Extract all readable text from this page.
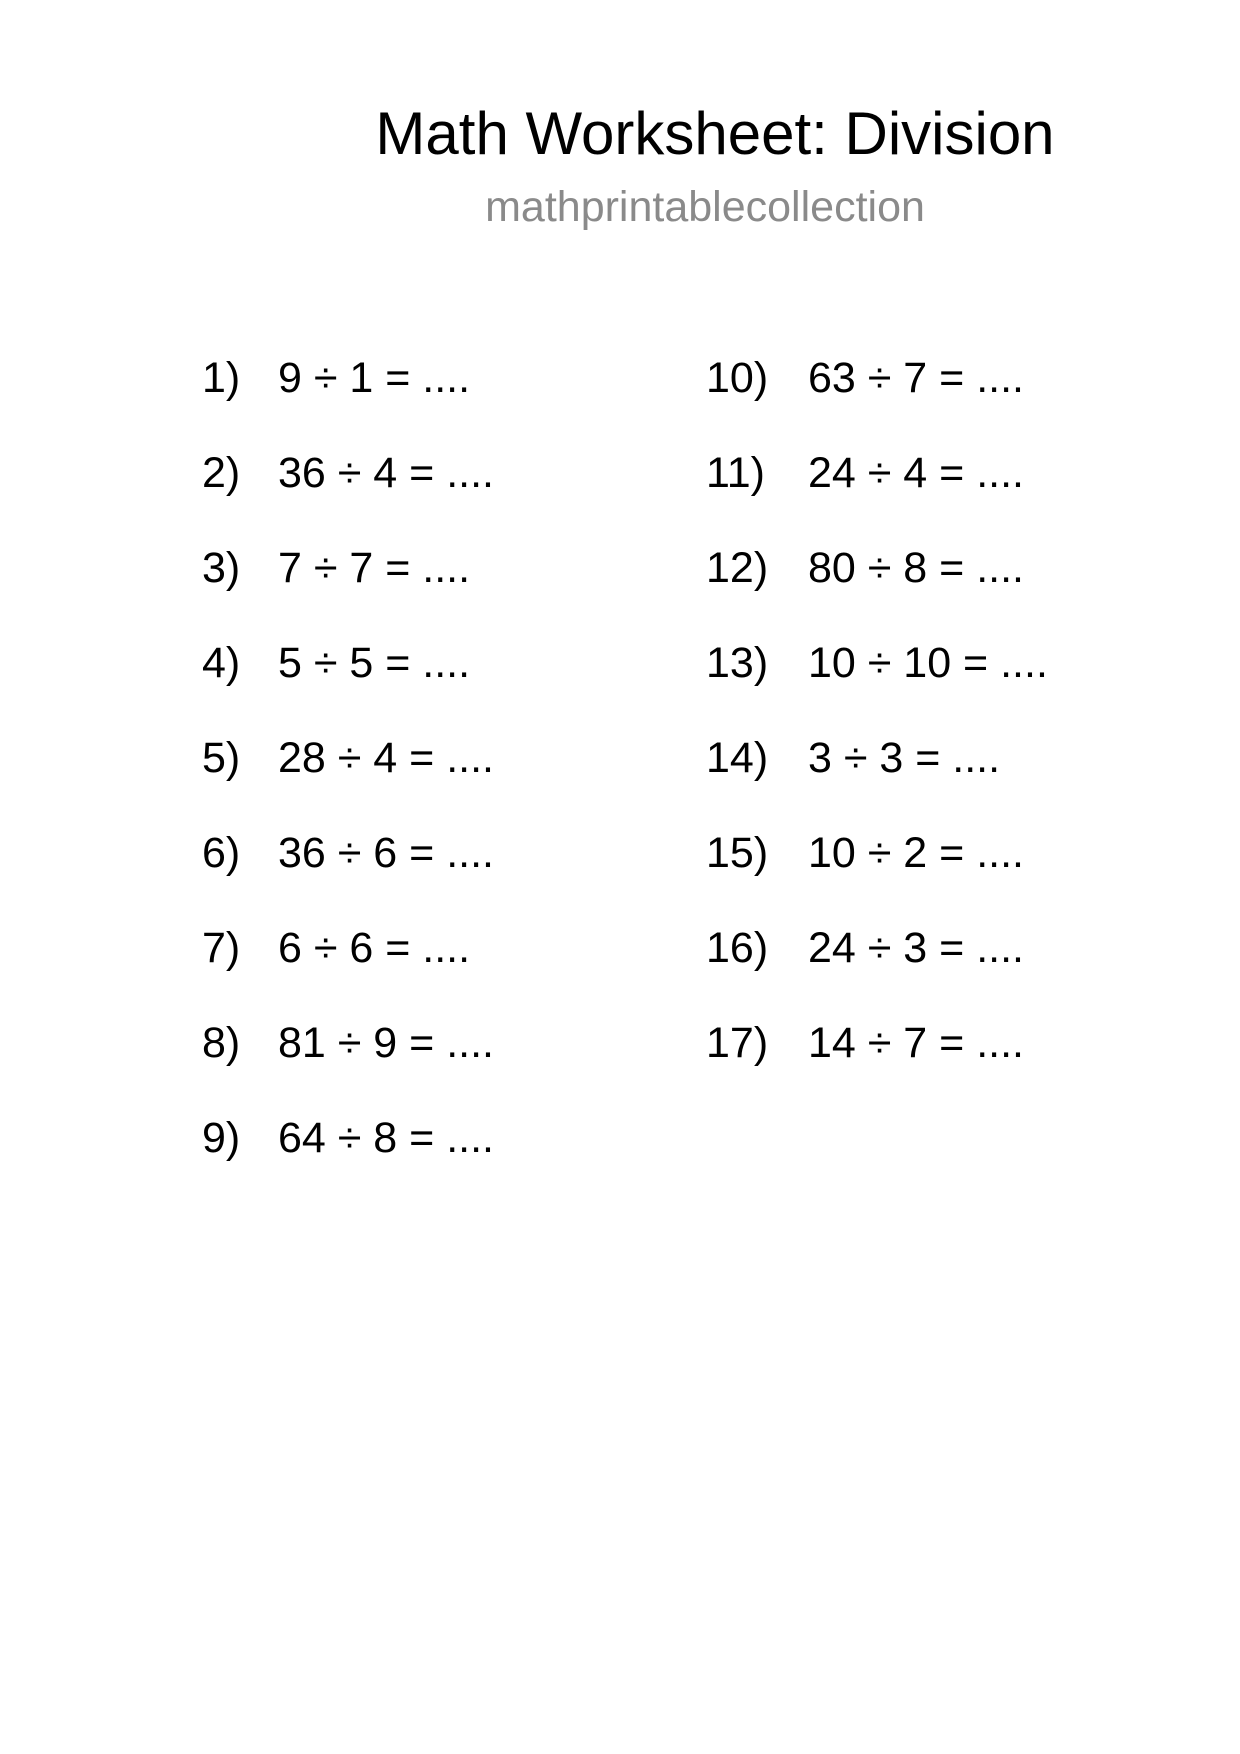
Math Worksheet: Division
mathprintablecollection
1) 9 ÷ 1 = ....
2) 36 ÷ 4 = ....
3) 7 ÷ 7 = ....
4) 5 ÷ 5 = ....
5) 28 ÷ 4 = ....
6) 36 ÷ 6 = ....
7) 6 ÷ 6 = ....
8) 81 ÷ 9 = ....
9) 64 ÷ 8 = ....
10) 63 ÷ 7 = ....
11) 24 ÷ 4 = ....
12) 80 ÷ 8 = ....
13) 10 ÷ 10 = ....
14) 3 ÷ 3 = ....
15) 10 ÷ 2 = ....
16) 24 ÷ 3 = ....
17) 14 ÷ 7 = ....
